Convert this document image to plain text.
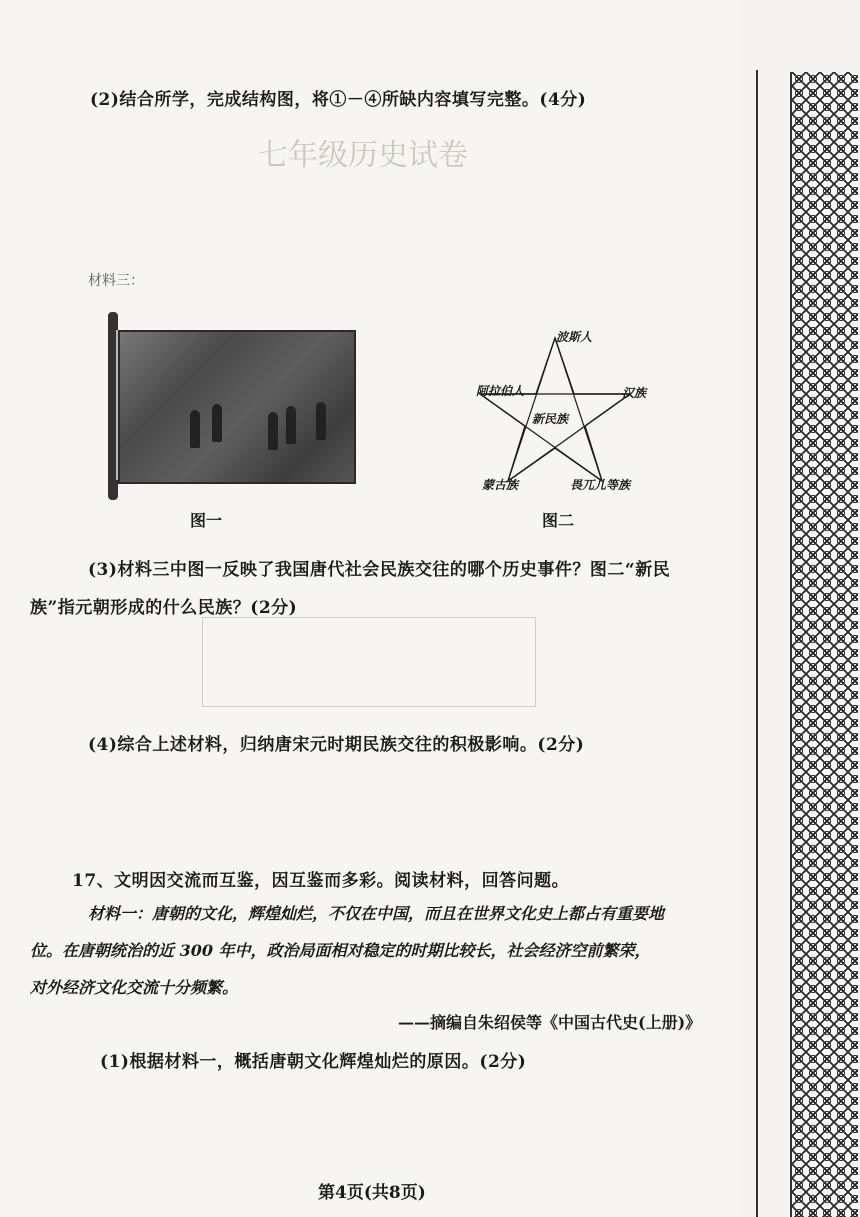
七年级历史试卷
(2)结合所学，完成结构图，将①－④所缺内容填写完整。(4分)
材料三：
图一
波斯人
阿拉伯人	汉族
新民族
蒙古族	畏兀儿等族
图二
(3)材料三中图一反映了我国唐代社会民族交往的哪个历史事件？图二“新民
族”指元朝形成的什么民族？(2分)
(4)综合上述材料，归纳唐宋元时期民族交往的积极影响。(2分)
17、文明因交流而互鉴，因互鉴而多彩。阅读材料，回答问题。
材料一：唐朝的文化，辉煌灿烂，不仅在中国，而且在世界文化史上都占有重要地
位。在唐朝统治的近 300 年中，政治局面相对稳定的时期比较长，社会经济空前繁荣，
对外经济文化交流十分频繁。
——摘编自朱绍侯等《中国古代史(上册)》
(1)根据材料一，概括唐朝文化辉煌灿烂的原因。(2分)
第4页(共8页)
